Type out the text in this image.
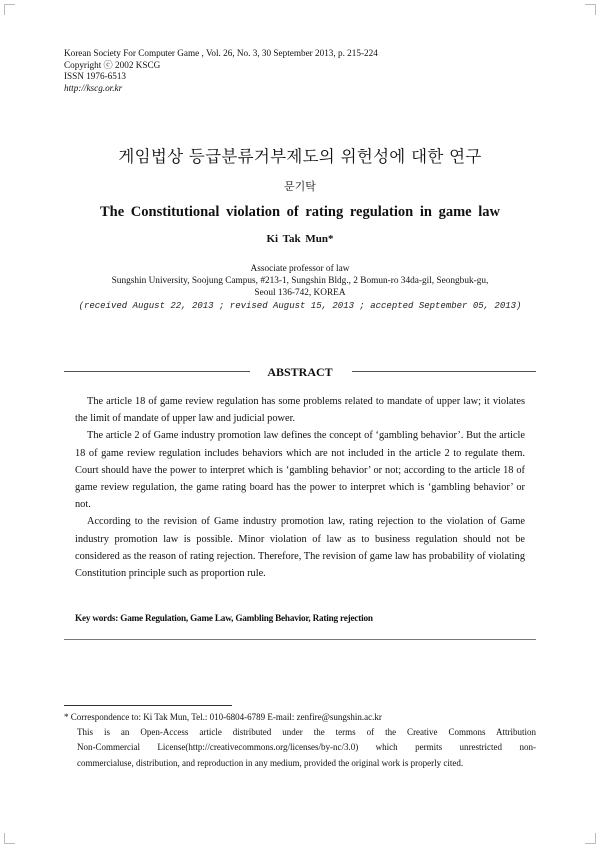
Korean Society For Computer Game , Vol. 26, No. 3, 30 September 2013, p. 215-224
Copyright ⓒ 2002 KSCG
ISSN 1976-6513
http://kscg.or.kr
게임법상 등급분류거부제도의 위헌성에 대한 연구
문기탁
The Constitutional violation of rating regulation in game law
Ki Tak Mun*
Associate professor of law
Sungshin University, Soojung Campus, #213-1, Sungshin Bldg., 2 Bomun-ro 34da-gil, Seongbuk-gu,
Seoul 136-742, KOREA
(received August 22, 2013 ; revised August 15, 2013 ; accepted September 05, 2013)
ABSTRACT

The article 18 of game review regulation has some problems related to mandate of upper law; it violates the limit of mandate of upper law and judicial power.

The article 2 of Game industry promotion law defines the concept of ‘gambling behavior’. But the article 18 of game review regulation includes behaviors which are not included in the article 2 to regulate them. Court should have the power to interpret which is ‘gambling behavior’ or not; according to the article 18 of game review regulation, the game rating board has the power to interpret which is ‘gambling behavior’ or not.

According to the revision of Game industry promotion law, rating rejection to the violation of Game industry promotion law is possible. Minor violation of law as to business regulation should not be considered as the reason of rating rejection. Therefore, The revision of game law has probability of violating Constitution principle such as proportion rule.

Key words: Game Regulation, Game Law, Gambling Behavior, Rating rejection
* Correspondence to: Ki Tak Mun, Tel.: 010-6804-6789 E-mail: zenfire@sungshin.ac.kr
This is an Open-Access article distributed under the terms of the Creative Commons Attribution
Non-Commercial License(http://creativecommons.org/licenses/by-nc/3.0) which permits unrestricted non-
commercialuse, distribution, and reproduction in any medium, provided the original work is properly cited.
